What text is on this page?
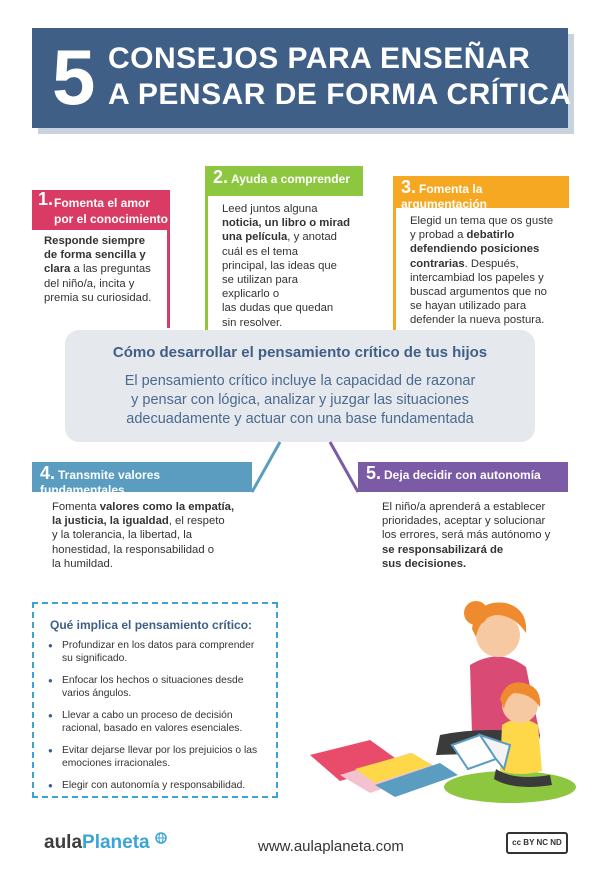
5 CONSEJOS PARA ENSEÑAR
A PENSAR DE FORMA CRÍTICA
1. Fomenta el amor
por el conocimiento
Responde siempre
de forma sencilla y
clara a las preguntas
del niño/a, incita y
premia su curiosidad.
2. Ayuda a comprender
Leed juntos alguna
noticia, un libro o mirad
una película, y anotad
cuál es el tema
principal, las ideas que
se utilizan para
explicarlo o
las dudas que quedan
sin resolver.
3. Fomenta la argumentación
Elegid un tema que os guste
y probad a debatirlo
defendiendo posiciones
contrarias. Después,
intercambiad los papeles y
buscad argumentos que no
se hayan utilizado para
defender la nueva postura.
Cómo desarrollar el pensamiento crítico de tus hijos
El pensamiento crítico incluye la capacidad de razonar
y pensar con lógica, analizar y juzgar las situaciones
adecuadamente y actuar con una base fundamentada
4. Transmite valores fundamentales
Fomenta valores como la empatía,
la justicia, la igualdad, el respeto
y la tolerancia, la libertad, la
honestidad, la responsabilidad o
la humildad.
5. Deja decidir con autonomía
El niño/a aprenderá a establecer
prioridades, aceptar y solucionar
los errores, será más autónomo y
se responsabilizará de
sus decisiones.
Qué implica el pensamiento crítico:
● Profundizar en los datos para comprender su significado.
● Enfocar los hechos o situaciones desde varios ángulos.
● Llevar a cabo un proceso de decisión racional, basado en valores esenciales.
● Evitar dejarse llevar por los prejuicios o las emociones irracionales.
● Elegir con autonomía y responsabilidad.
aulaPlaneta	www.aulaplaneta.com	cc BY NC ND
